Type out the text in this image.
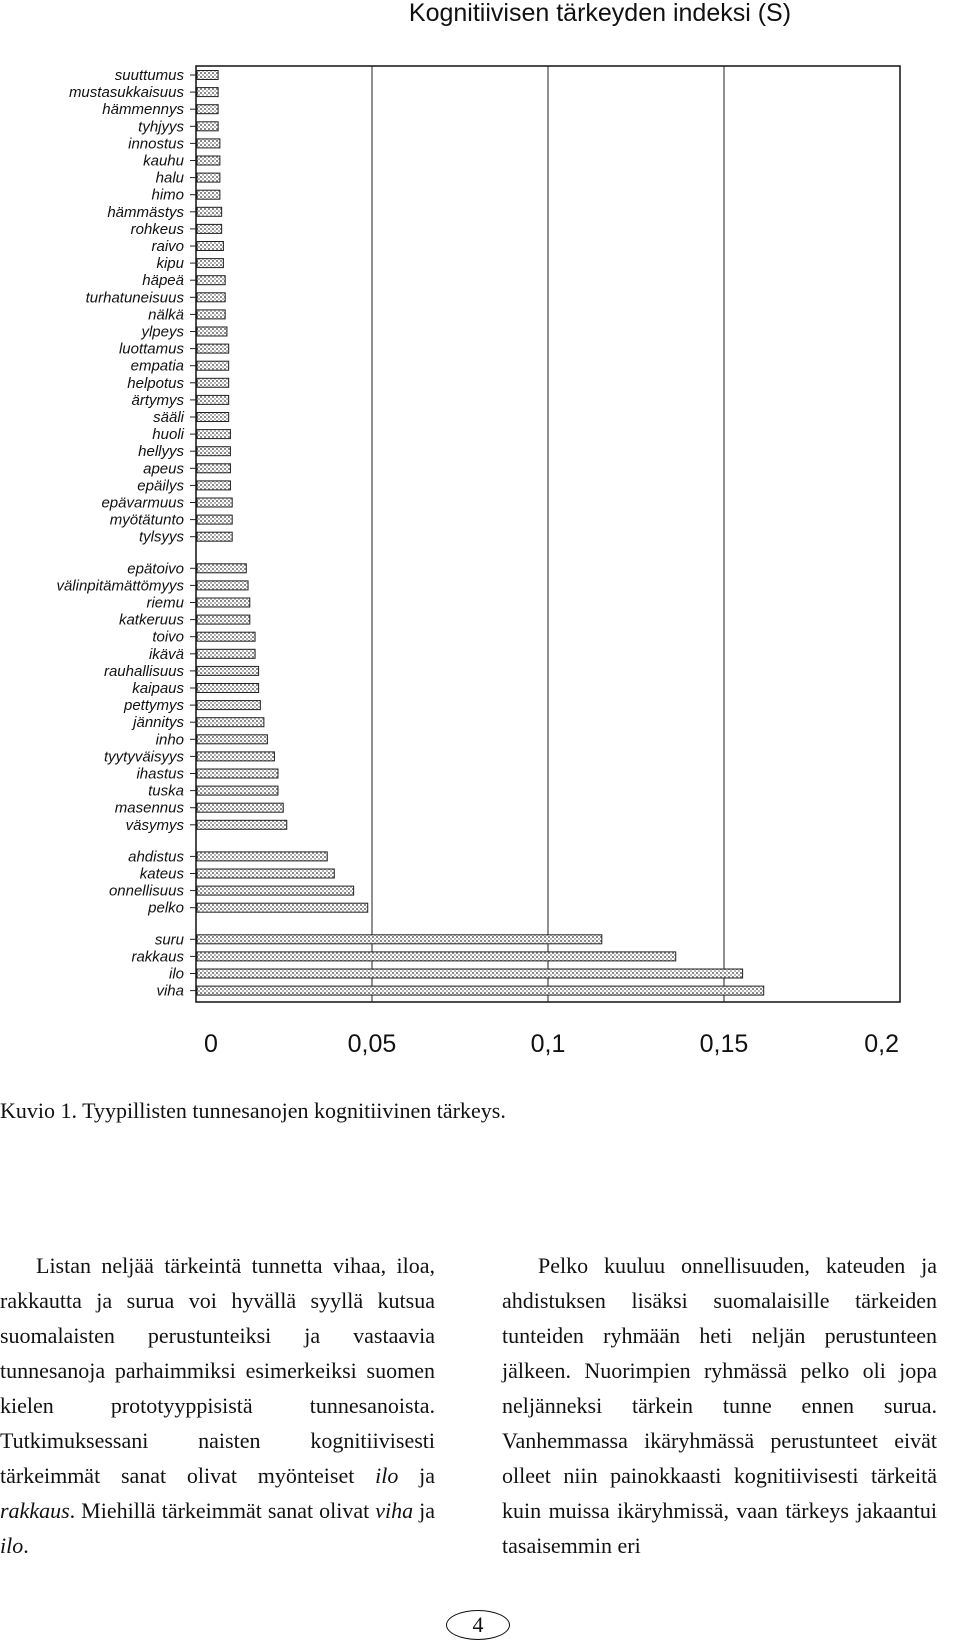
Kognitiivisen tärkeyden indeksi (S)
suuttumus
mustasukkaisuus
hämmennys
tyhjyys
innostus
kauhu
halu
himo
hämmästys
rohkeus
raivo
kipu
häpeä
turhatuneisuus
nälkä
ylpeys
luottamus
empatia
helpotus
ärtymys
sääli
huoli
hellyys
apeus
epäilys
epävarmuus
myötätunto
tylsyys
epätoivo
välinpitämättömyys
riemu
katkeruus
toivo
ikävä
rauhallisuus
kaipaus
pettymys
jännitys
inho
tyytyväisyys
ihastus
tuska
masennus
väsymys
ahdistus
kateus
onnellisuus
pelko
suru
rakkaus
ilo
viha
0	0,05	0,1	0,15	0,2

Kuvio 1. Tyypillisten tunnesanojen kognitiivinen tärkeys.

Listan neljää tärkeintä tunnetta vihaa, iloa, rakkautta ja surua voi hyvällä syyllä kutsua suomalaisten perustunteiksi ja vastaavia tunnesanoja parhaimmiksi esimerkeiksi suomen kielen prototyyppisistä tunnesanoista. Tutkimuksessani naisten kognitiivisesti tärkeimmät sanat olivat myönteiset ilo ja rakkaus. Miehillä tärkeimmät sanat olivat viha ja ilo.

Pelko kuuluu onnellisuuden, kateuden ja ahdistuksen lisäksi suomalaisille tärkeiden tunteiden ryhmään heti neljän perustunteen jälkeen. Nuorimpien ryhmässä pelko oli jopa neljänneksi tärkein tunne ennen surua. Vanhemmassa ikäryhmässä perustunteet eivät olleet niin painokkaasti kognitiivisesti tärkeitä kuin muissa ikäryhmissä, vaan tärkeys jakaantui tasaisemmin eri

4
